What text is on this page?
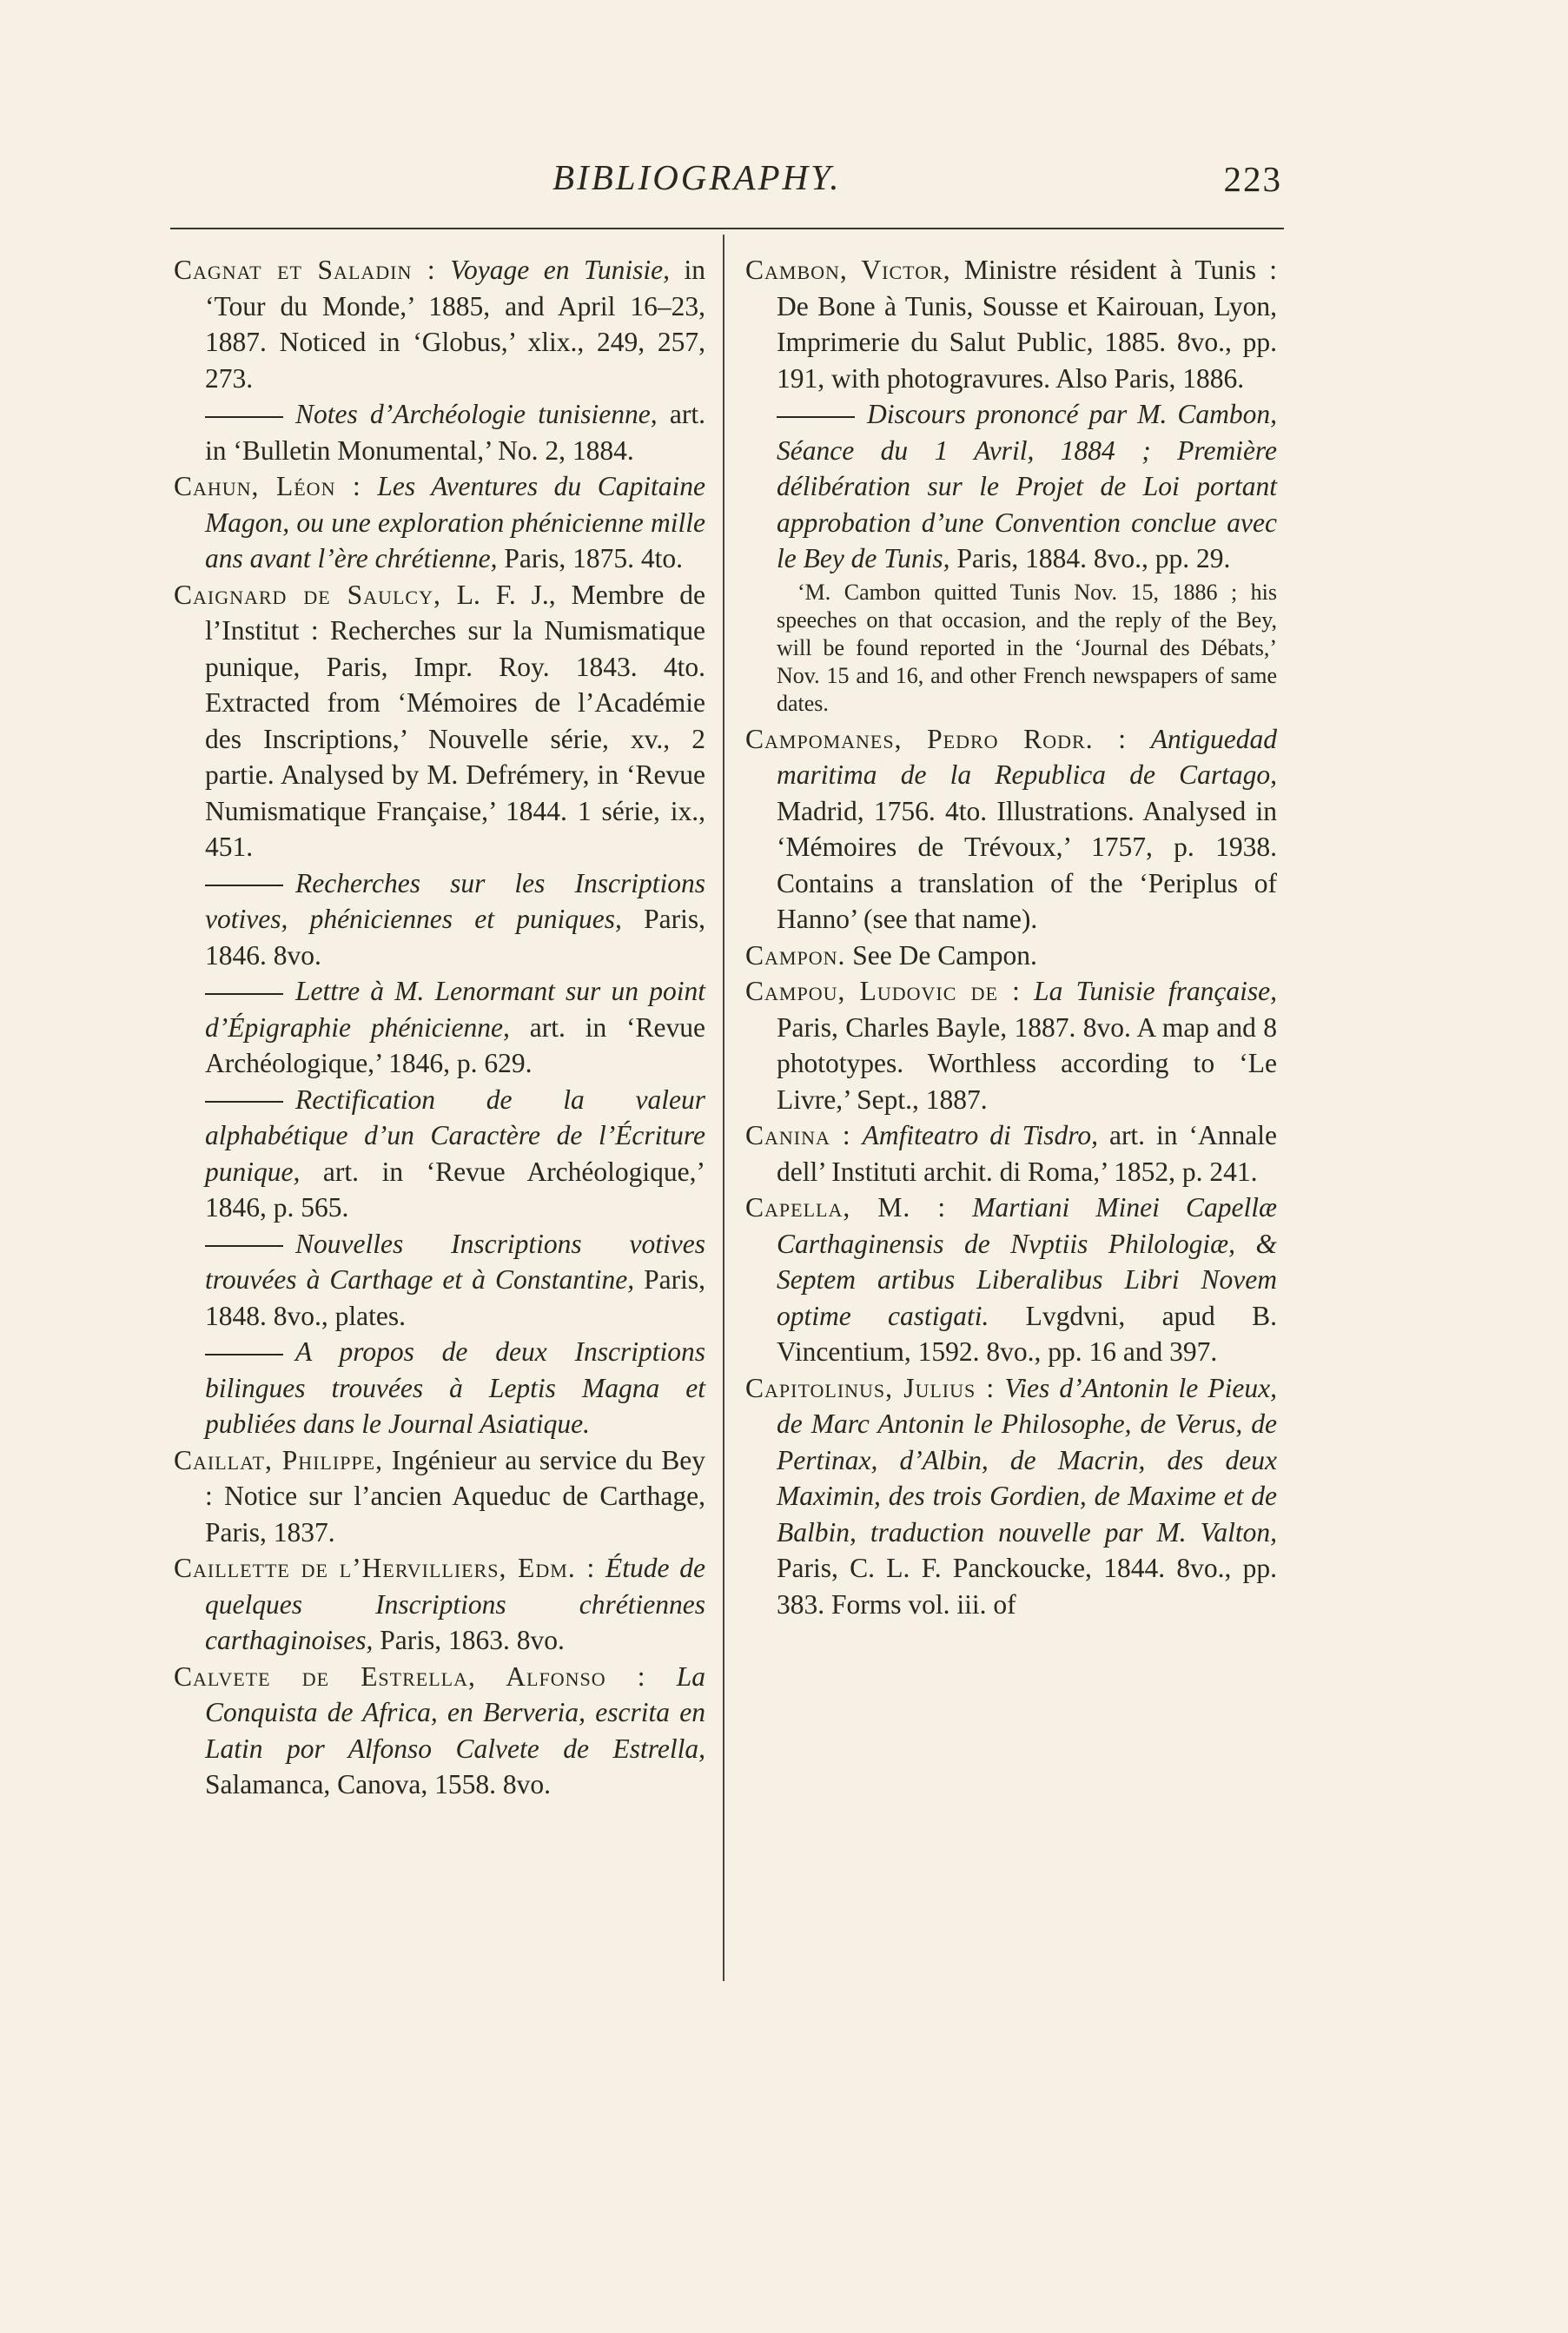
BIBLIOGRAPHY.	223

Cagnat et Saladin : Voyage en Tunisie, in ‘Tour du Monde,’ 1885, and April 16–23, 1887. Noticed in ‘Globus,’ xlix., 249, 257, 273.

Notes d’Archéologie tunisienne, art. in ‘Bulletin Monumental,’ No. 2, 1884.

Cahun, Léon : Les Aventures du Capitaine Magon, ou une exploration phénicienne mille ans avant l’ère chrétienne, Paris, 1875. 4to.

Caignard de Saulcy, L. F. J., Membre de l’Institut : Recherches sur la Numismatique punique, Paris, Impr. Roy. 1843. 4to. Extracted from ‘Mémoires de l’Académie des Inscriptions,’ Nouvelle série, xv., 2 partie. Analysed by M. Defrémery, in ‘Revue Numismatique Française,’ 1844. 1 série, ix., 451.

Recherches sur les Inscriptions votives, phéniciennes et puniques, Paris, 1846. 8vo.

Lettre à M. Lenormant sur un point d’Épigraphie phénicienne, art. in ‘Revue Archéologique,’ 1846, p. 629.

Rectification de la valeur alphabétique d’un Caractère de l’Écriture punique, art. in ‘Revue Archéologique,’ 1846, p. 565.

Nouvelles Inscriptions votives trouvées à Carthage et à Constantine, Paris, 1848. 8vo., plates.

A propos de deux Inscriptions bilingues trouvées à Leptis Magna et publiées dans le Journal Asiatique.

Caillat, Philippe, Ingénieur au service du Bey : Notice sur l’ancien Aqueduc de Carthage, Paris, 1837.

Caillette de l’Hervilliers, Edm. : Étude de quelques Inscriptions chrétiennes carthaginoises, Paris, 1863. 8vo.

Calvete de Estrella, Alfonso : La Conquista de Africa, en Berveria, escrita en Latin por Alfonso Calvete de Estrella, Salamanca, Canova, 1558. 8vo.

Cambon, Victor, Ministre résident à Tunis : De Bone à Tunis, Sousse et Kairouan, Lyon, Imprimerie du Salut Public, 1885. 8vo., pp. 191, with photogravures. Also Paris, 1886.

Discours prononcé par M. Cambon, Séance du 1 Avril, 1884 ; Première délibération sur le Projet de Loi portant approbation d’une Convention conclue avec le Bey de Tunis, Paris, 1884. 8vo., pp. 29.

‘M. Cambon quitted Tunis Nov. 15, 1886 ; his speeches on that occasion, and the reply of the Bey, will be found reported in the ‘Journal des Débats,’ Nov. 15 and 16, and other French newspapers of same dates.

Campomanes, Pedro Rodr. : Antiguedad maritima de la Republica de Cartago, Madrid, 1756. 4to. Illustrations. Analysed in ‘Mémoires de Trévoux,’ 1757, p. 1938. Contains a translation of the ‘Periplus of Hanno’ (see that name).

Campon. See De Campon.

Campou, Ludovic de : La Tunisie française, Paris, Charles Bayle, 1887. 8vo. A map and 8 phototypes. Worthless according to ‘Le Livre,’ Sept., 1887.

Canina : Amfiteatro di Tisdro, art. in ‘Annale dell’ Instituti archit. di Roma,’ 1852, p. 241.

Capella, M. : Martiani Minei Capellæ Carthaginensis de Nvptiis Philologiæ, & Septem artibus Liberalibus Libri Novem optime castigati. Lvgdvni, apud B. Vincentium, 1592. 8vo., pp. 16 and 397.

Capitolinus, Julius : Vies d’Antonin le Pieux, de Marc Antonin le Philosophe, de Verus, de Pertinax, d’Albin, de Macrin, des deux Maximin, des trois Gordien, de Maxime et de Balbin, traduction nouvelle par M. Valton, Paris, C. L. F. Panckoucke, 1844. 8vo., pp. 383. Forms vol. iii. of
